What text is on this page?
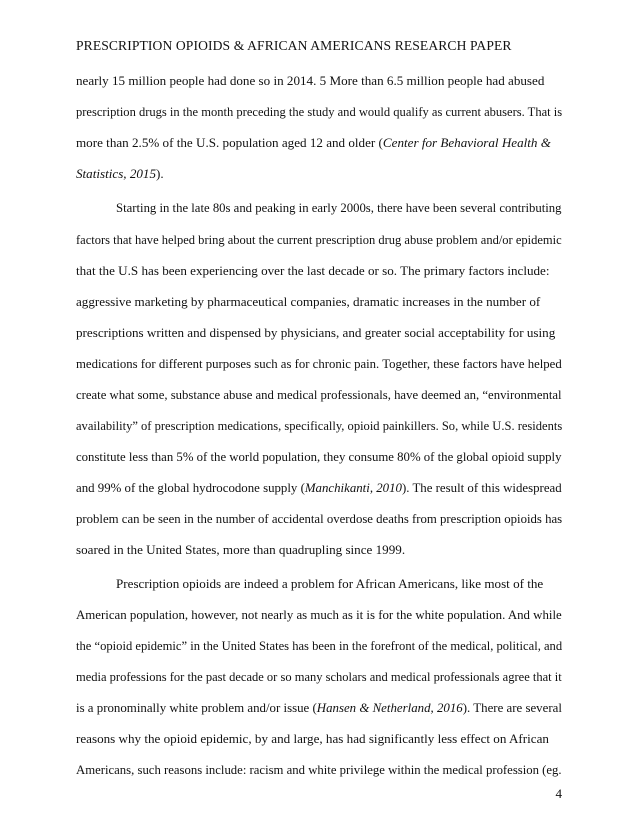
PRESCRIPTION OPIOIDS & AFRICAN AMERICANS RESEARCH PAPER
nearly 15 million people had done so in 2014. 5 More than 6.5 million people had abused
prescription drugs in the month preceding the study and would qualify as current abusers. That is
more than 2.5% of the U.S. population aged 12 and older (Center for Behavioral Health &
Statistics, 2015).
Starting in the late 80s and peaking in early 2000s, there have been several contributing
factors that have helped bring about the current prescription drug abuse problem and/or epidemic
that the U.S has been experiencing over the last decade or so. The primary factors include:
aggressive marketing by pharmaceutical companies, dramatic increases in the number of
prescriptions written and dispensed by physicians, and greater social acceptability for using
medications for different purposes such as for chronic pain. Together, these factors have helped
create what some, substance abuse and medical professionals, have deemed an, “environmental
availability” of prescription medications, specifically, opioid painkillers. So, while U.S. residents
constitute less than 5% of the world population, they consume 80% of the global opioid supply
and 99% of the global hydrocodone supply (Manchikanti, 2010). The result of this widespread
problem can be seen in the number of accidental overdose deaths from prescription opioids has
soared in the United States, more than quadrupling since 1999.
Prescription opioids are indeed a problem for African Americans, like most of the
American population, however, not nearly as much as it is for the white population. And while
the “opioid epidemic” in the United States has been in the forefront of the medical, political, and
media professions for the past decade or so many scholars and medical professionals agree that it
is a pronominally white problem and/or issue (Hansen & Netherland, 2016). There are several
reasons why the opioid epidemic, by and large, has had significantly less effect on African
Americans, such reasons include: racism and white privilege within the medical profession (eg.
4
